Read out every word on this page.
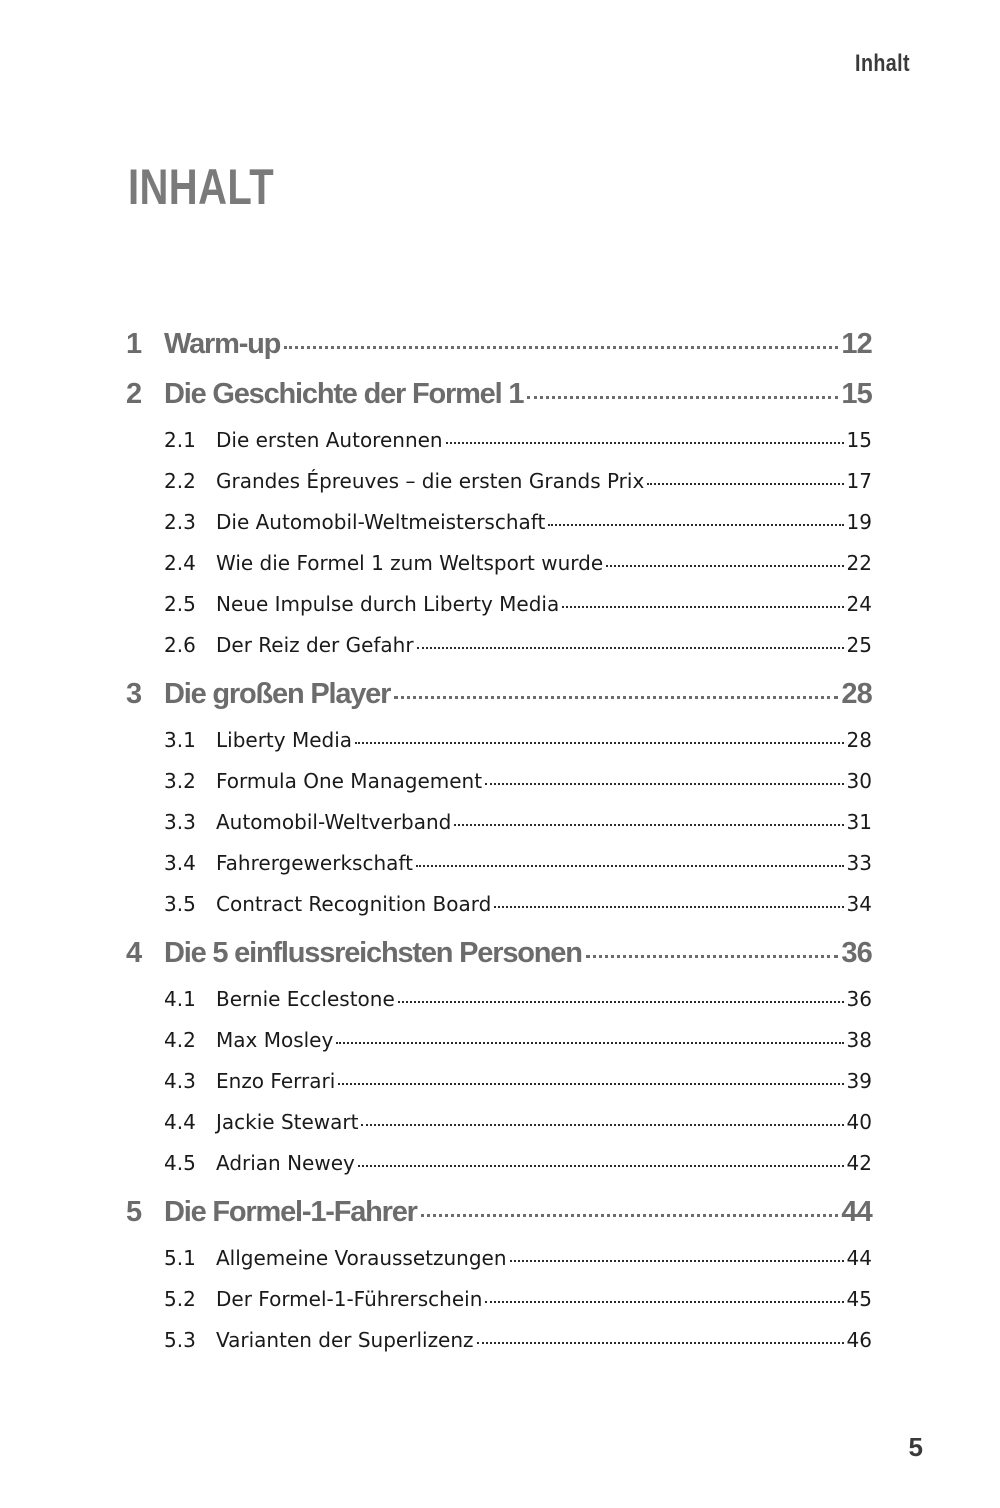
Inhalt
INHALT
1 Warm-up	12
2 Die Geschichte der Formel 1	15
2.1	Die ersten Autorennen	15
2.2	Grandes Épreuves – die ersten Grands Prix	17
2.3	Die Automobil-Weltmeisterschaft	19
2.4	Wie die Formel 1 zum Weltsport wurde	22
2.5	Neue Impulse durch Liberty Media	24
2.6	Der Reiz der Gefahr	25
3 Die großen Player	28
3.1	Liberty Media	28
3.2	Formula One Management	30
3.3	Automobil-Weltverband	31
3.4	Fahrergewerkschaft	33
3.5	Contract Recognition Board	34
4 Die 5 einflussreichsten Personen	36
4.1	Bernie Ecclestone	36
4.2	Max Mosley	38
4.3	Enzo Ferrari	39
4.4	Jackie Stewart	40
4.5	Adrian Newey	42
5 Die Formel-1-Fahrer	44
5.1	Allgemeine Voraussetzungen	44
5.2	Der Formel-1-Führerschein	45
5.3	Varianten der Superlizenz	46
5
